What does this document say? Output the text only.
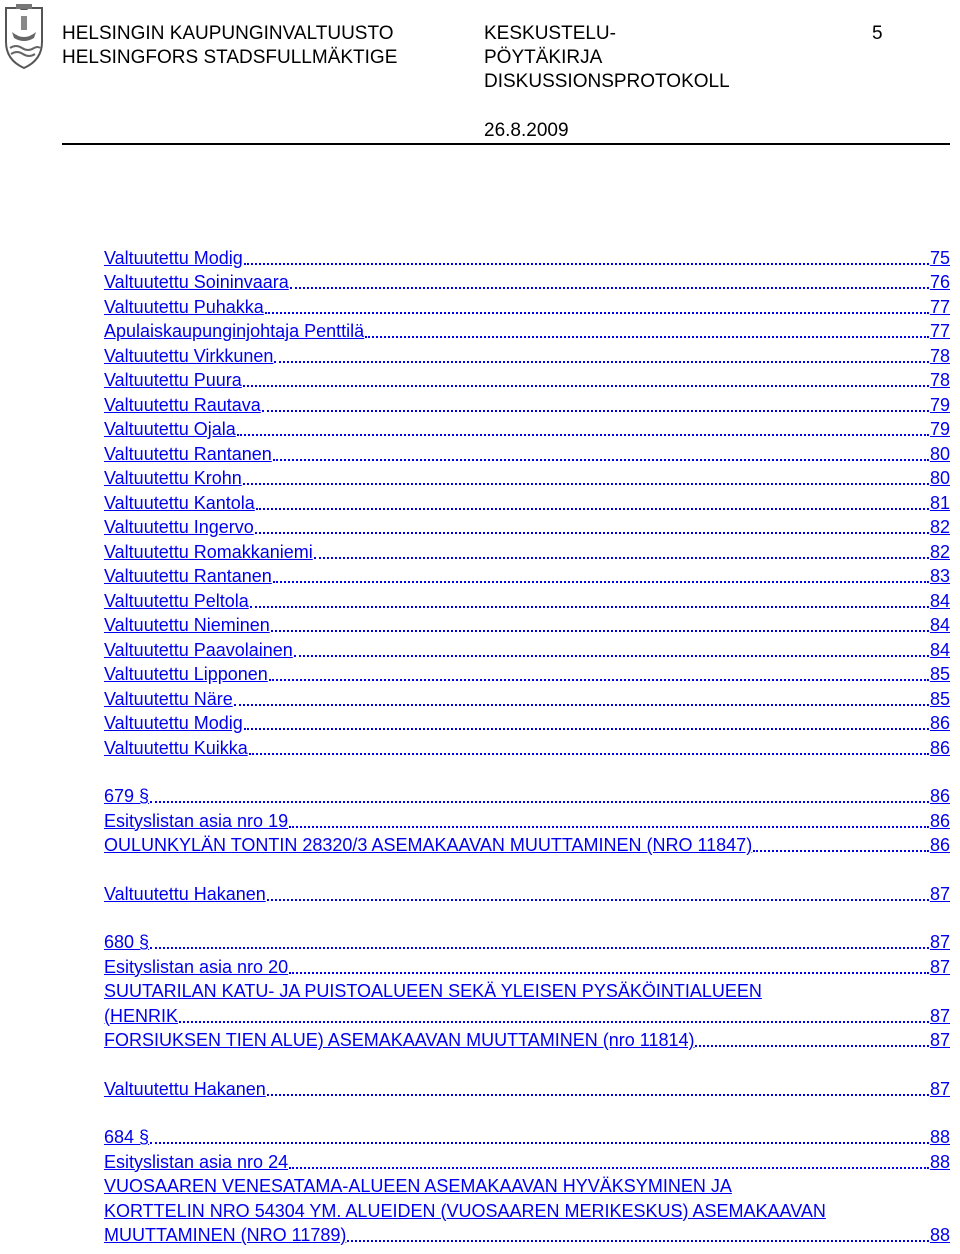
HELSINGIN KAUPUNGINVALTUUSTO
HELSINGFORS STADSFULLMÄKTIGE
KESKUSTELU-
PÖYTÄKIRJA
DISKUSSIONSPROTOKOLL
5
26.8.2009
Valtuutettu Modig	75
Valtuutettu Soininvaara	76
Valtuutettu Puhakka	77
Apulaiskaupunginjohtaja Penttilä	77
Valtuutettu Virkkunen	78
Valtuutettu Puura	78
Valtuutettu Rautava	79
Valtuutettu Ojala	79
Valtuutettu Rantanen	80
Valtuutettu Krohn	80
Valtuutettu Kantola	81
Valtuutettu Ingervo	82
Valtuutettu Romakkaniemi	82
Valtuutettu Rantanen	83
Valtuutettu Peltola	84
Valtuutettu Nieminen	84
Valtuutettu Paavolainen	84
Valtuutettu Lipponen	85
Valtuutettu Näre	85
Valtuutettu Modig	86
Valtuutettu Kuikka	86
679 §	86
Esityslistan asia nro 19	86
OULUNKYLÄN TONTIN 28320/3 ASEMAKAAVAN MUUTTAMINEN (NRO 11847)	86
Valtuutettu Hakanen	87
680 §	87
Esityslistan asia nro 20	87
SUUTARILAN KATU- JA PUISTOALUEEN SEKÄ YLEISEN PYSÄKÖINTIALUEEN
(HENRIK	87
FORSIUKSEN TIEN ALUE) ASEMAKAAVAN MUUTTAMINEN (nro 11814)	87
Valtuutettu Hakanen	87
684 §	88
Esityslistan asia nro 24	88
VUOSAAREN VENESATAMA-ALUEEN ASEMAKAAVAN HYVÄKSYMINEN JA
KORTTELIN NRO 54304 YM. ALUEIDEN (VUOSAAREN MERIKESKUS) ASEMAKAAVAN
MUUTTAMINEN (NRO 11789)	88
